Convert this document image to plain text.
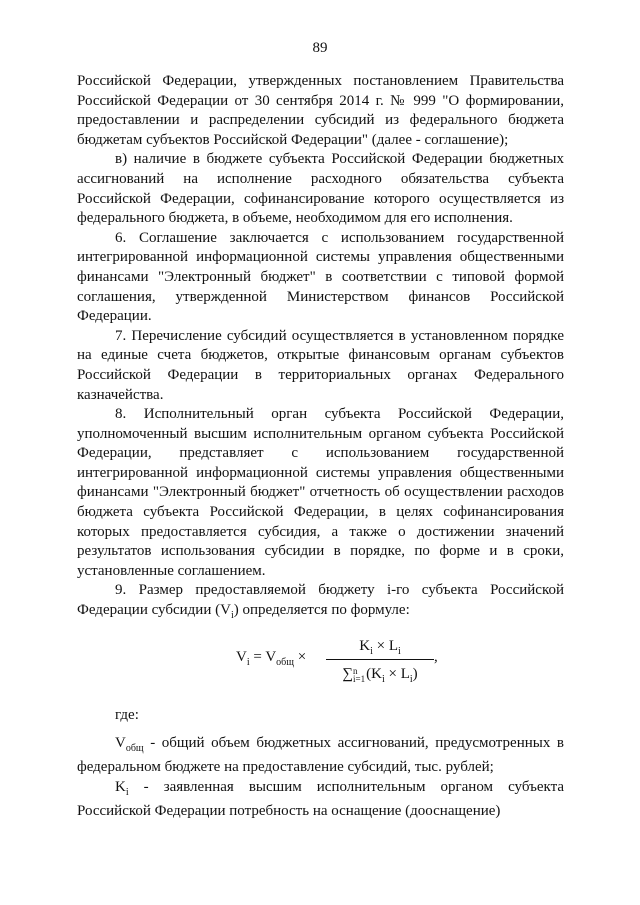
89

Российской Федерации, утвержденных постановлением Правительства Российской Федерации от 30 сентября 2014 г. № 999 "О формировании, предоставлении и распределении субсидий из федерального бюджета бюджетам субъектов Российской Федерации" (далее - соглашение);

в) наличие в бюджете субъекта Российской Федерации бюджетных ассигнований на исполнение расходного обязательства субъекта Российской Федерации, софинансирование которого осуществляется из федерального бюджета, в объеме, необходимом для его исполнения.

6. Соглашение заключается с использованием государственной интегрированной информационной системы управления общественными финансами "Электронный бюджет" в соответствии с типовой формой соглашения, утвержденной Министерством финансов Российской Федерации.

7. Перечисление субсидий осуществляется в установленном порядке на единые счета бюджетов, открытые финансовым органам субъектов Российской Федерации в территориальных органах Федерального казначейства.

8. Исполнительный орган субъекта Российской Федерации, уполномоченный высшим исполнительным органом субъекта Российской Федерации, представляет с использованием государственной интегрированной информационной системы управления общественными финансами "Электронный бюджет" отчетность об осуществлении расходов бюджета субъекта Российской Федерации, в целях софинансирования которых предоставляется субсидия, а также о достижении значений результатов использования субсидии в порядке, по форме и в сроки, установленные соглашением.

9. Размер предоставляемой бюджету i-го субъекта Российской Федерации субсидии $(V_i)$ определяется по формуле:

$V_i = V_{общ}$ ×
$K_i \times L_i$
∑ n
i=1 $(K_i \times L_i)$
,

где:

$V_{общ}$ - общий объем бюджетных ассигнований, предусмотренных в федеральном бюджете на предоставление субсидий, тыс. рублей;

$K_i$ - заявленная высшим исполнительным органом субъекта Российской Федерации потребность на оснащение (дооснащение)
